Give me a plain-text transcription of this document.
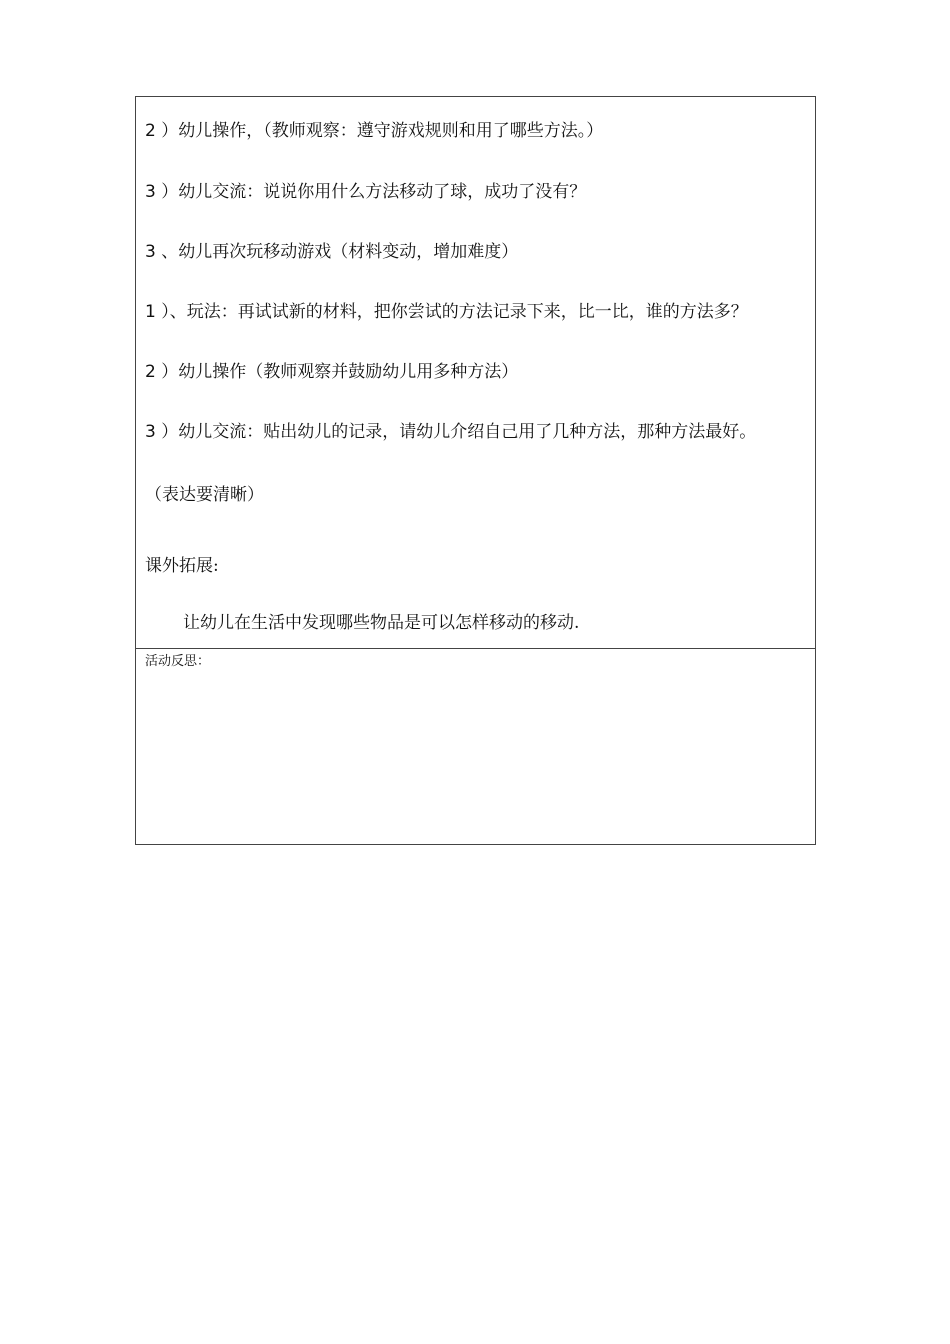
2 ）幼儿操作，（教师观察：遵守游戏规则和用了哪些方法。）
3 ）幼儿交流：说说你用什么方法移动了球，成功了没有？
3 、幼儿再次玩移动游戏（材料变动，增加难度）
1 ）、玩法：再试试新的材料，把你尝试的方法记录下来，比一比，谁的方法多？
2 ）幼儿操作（教师观察并鼓励幼儿用多种方法）
3 ）幼儿交流：贴出幼儿的记录，请幼儿介绍自己用了几种方法，那种方法最好。
（表达要清晰）
课外拓展:
让幼儿在生活中发现哪些物品是可以怎样移动的移动.
活动反思：
